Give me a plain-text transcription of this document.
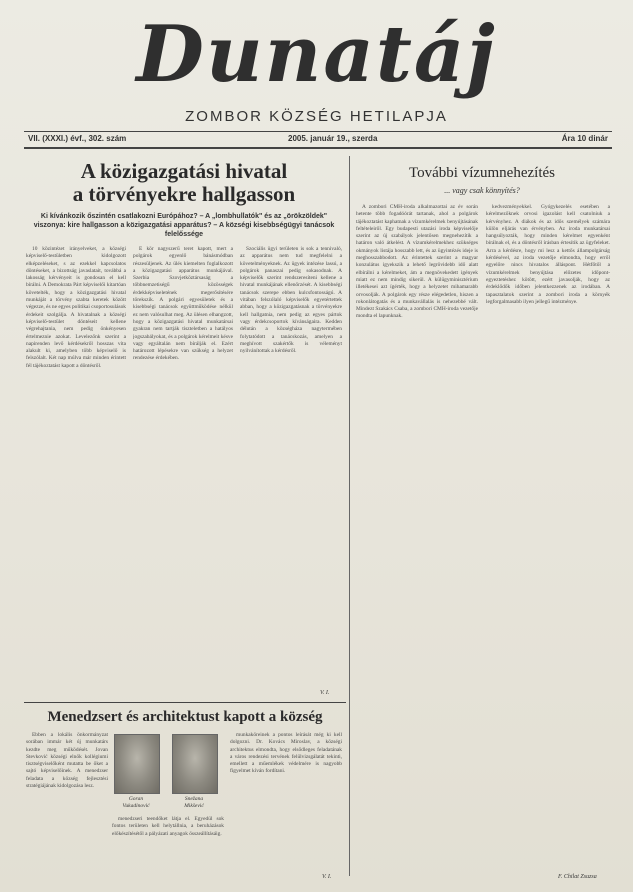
Dunatáj
ZOMBOR KÖZSÉG HETILAPJA
VII. (XXXI.) évf., 302. szám	2005. január 19., szerda	Ára 10 dinár
A közigazgatási hivatal
a törvényekre hallgasson
Ki kívánkozik őszintén csatlakozni Európához? – A „lombhullatók" és az „örökzöldek" viszonya: kire hallgasson a közigazgatási apparátus? – A községi kisebbségügyi tanácsok felelőssége

10 közintézet irányelveket, a községi képviselő-testületben kidolgozott elképzeléseket, s az ezekkel kapcsolatos döntéseket, a bizottság javaslatait, továbbá a lakosság kérvényeit is gondosan el kell bírálni. A Demokrata Párt képviselői kitartóan követelték, hogy a közigazgatási hivatal munkáját a törvény szabta keretek között végezze, és ne egyes politikai csoportosulások érdekeit szolgálja. A hivatalnak a községi képviselő-testület döntéseit kellene végrehajtania, nem pedig önkényesen értelmeznie azokat. Levelezőnk szerint a napirenden levő kérdésekről hosszas vita alakult ki, amelyben több képviselő is felszólalt. Két nap múlva már minden érintett fél tájékoztatást kapott a döntésről.

E kör nagyszerű teret kapott, mert a polgárok egyenlő bánásmódban részesüljenek. Az ülés kiemelten foglalkozott a közigazgatási apparátus munkájával. Szerbia Szovjetköztársaság a többnemzetiségű közösségek érdekképviseletének megerősítésére törekszik. A polgári egyesületek és a kisebbségi tanácsok együttműködése nélkül ez nem valósulhat meg. Az ülésen elhangzott, hogy a közigazgatási hivatal munkatársai gyakran nem tartják tiszteletben a hatályos jogszabályokat, és a polgárok kérelmeit késve vagy egyáltalán nem bírálják el. Ezért határozott lépésekre van szükség a helyzet rendezése érdekében.

Szociális ügyi területen is sok a tennivaló, az apparátus nem tud megfelelni a követelményeknek. Az ügyek intézése lassú, a polgárok panaszai pedig sokasodnak. A képviselők szerint rendszeresíteni kellene a hivatal munkájának ellenőrzését. A kisebbségi tanácsok szerepe ebben kulcsfontosságú. A vitában felszólaló képviselők egyetértettek abban, hogy a közigazgatásnak a törvényekre kell hallgatnia, nem pedig az egyes pártok vagy érdekcsoportok kívánságaira. Kedden délután a községháza nagytermében folytatódott a tanácskozás, amelyen a meghívott szakértők is véleményt nyilvánítottak a kérdésről.

V. I.
Menedzsert és architektust kapott a község

Ebben a lokális önkormányzat sorában immár két új munkatárs kezdte meg működését. Jovan Stevković községi elnök kollégiumi tisztségviselőként mutatta be őket a sajtó képviselőinek. A menedzser feladata a község fejlesztési stratégiájának kidolgozása lesz.

Goran
Vukadinović
Snežana
Mikšević

menedzseri teendőket látja el. Egyedül sok fontos területen kell helytállnia, a beruházások előkészítésétől a pályázati anyagok összeállításáig.

munkaköreinek a pontos leírását még ki kell dolgozni. Dr. Kovács Miroslav, a községi architektus elmondta, hogy elsődleges feladatának a város rendezési tervének felülvizsgálatát tekinti, emellett a műemlékek védelmére is nagyobb figyelmet kíván fordítani.

V. I.
További vízumnehezítés
... vagy csak könnyítés?

A zombori CMH-iroda alkalmazottai az év során hetente több fogadóórát tartanak, ahol a polgárok tájékoztatást kaphatnak a vízumkérelmek benyújtásának feltételeiről. Egy budapesti utazási iroda képviselője szerint az új szabályok jelentősen megnehezítik a határon való átkelést. A vízumkérelmekhez szükséges okmányok listája hosszabb lett, és az ügyintézés ideje is meghosszabbodott. Az érintettek szerint a magyar konzulátus igyekszik a lehető legrövidebb idő alatt elbírálni a kérelmeket, ám a megnövekedett igények miatt ez nem mindig sikerül. A külügyminisztérium illetékesei azt ígérték, hogy a helyzetet mihamarabb orvosolják. A polgárok egy része elégedetlen, hiszen a rokonlátogatás és a munkavállalás is nehezebbé vált. Mindezt Szakács Csaba, a zombori CMH-iroda vezetője mondta el lapunknak.

kedvezményekkel. Gyógykezelés esetében a kérelmezőknek orvosi igazolást kell csatolniuk a kérvényhez. A diákok és az idős személyek számára külön eljárás van érvényben. Az iroda munkatársai hangsúlyozták, hogy minden kérelmet egyenként bírálnak el, és a döntésről írásban értesítik az ügyfeleket. Arra a kérdésre, hogy mi lesz a kettős állampolgárság kérdésével, az iroda vezetője elmondta, hogy erről egyelőre nincs hivatalos álláspont. Hétfőtől a vízumkérelmek benyújtása előzetes időpont-egyeztetéshez kötött, ezért javasolják, hogy az érdeklődők időben jelentkezzenek az irodában. A tapasztalatok szerint a zombori iroda a környék legforgalmasabb ilyen jellegű intézménye.

F. Chilat Zsuzsa
